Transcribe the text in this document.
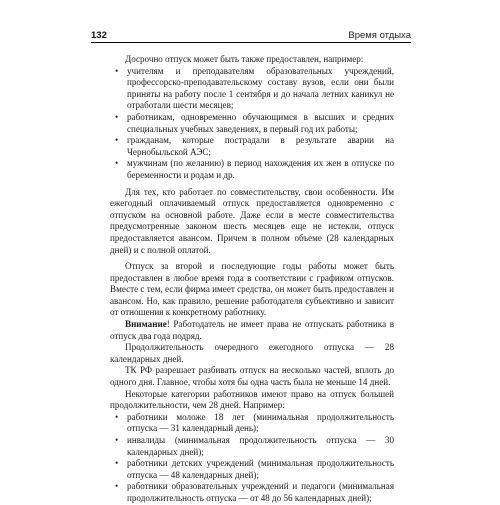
132	Время отдыха

Досрочно отпуск может быть также предоставлен, например:

• учителям и преподавателям образовательных учреждений, профессорско-преподавательскому составу вузов, если они были приняты на работу после 1 сентября и до начала летних каникул не отработали шести месяцев;
• работникам, одновременно обучающимся в высших и средних специальных учебных заведениях, в первый год их работы;
• гражданам, которые пострадали в результате аварии на Чернобыльской АЭС;
• мужчинам (по желанию) в период нахождения их жен в отпуске по беременности и родам и др.

Для тех, кто работает по совместительству, свои особенности. Им ежегодный оплачиваемый отпуск предоставляется одновременно с отпуском на основной работе. Даже если в месте совместительства предусмотренные законом шесть месяцев еще не истекли, отпуск предоставляется авансом. Причем в полном объеме (28 календарных дней) и с полной оплатой.

Отпуск за второй и последующие годы работы может быть предоставлен в любое время года в соответствии с графиком отпусков. Вместе с тем, если фирма имеет средства, он может быть предоставлен и авансом. Но, как правило, решение работодателя субъективно и зависит от отношения к конкретному работнику.

Внимание! Работодатель не имеет права не отпускать работника в отпуск два года подряд.

Продолжительность очередного ежегодного отпуска — 28 календарных дней.

ТК РФ разрешает разбивать отпуск на несколько частей, вплоть до одного дня. Главное, чтобы хотя бы одна часть была не меньше 14 дней.

Некоторые категории работников имеют право на отпуск большей продолжительности, чем 28 дней. Например:

• работники моложе 18 лет (минимальная продолжительность отпуска — 31 календарный день);
• инвалиды (минимальная продолжительность отпуска — 30 календарных дней);
• работники детских учреждений (минимальная продолжительность отпуска — 48 календарных дней);
• работники образовательных учреждений и педагоги (минимальная продолжительность отпуска — от 48 до 56 календарных дней);
